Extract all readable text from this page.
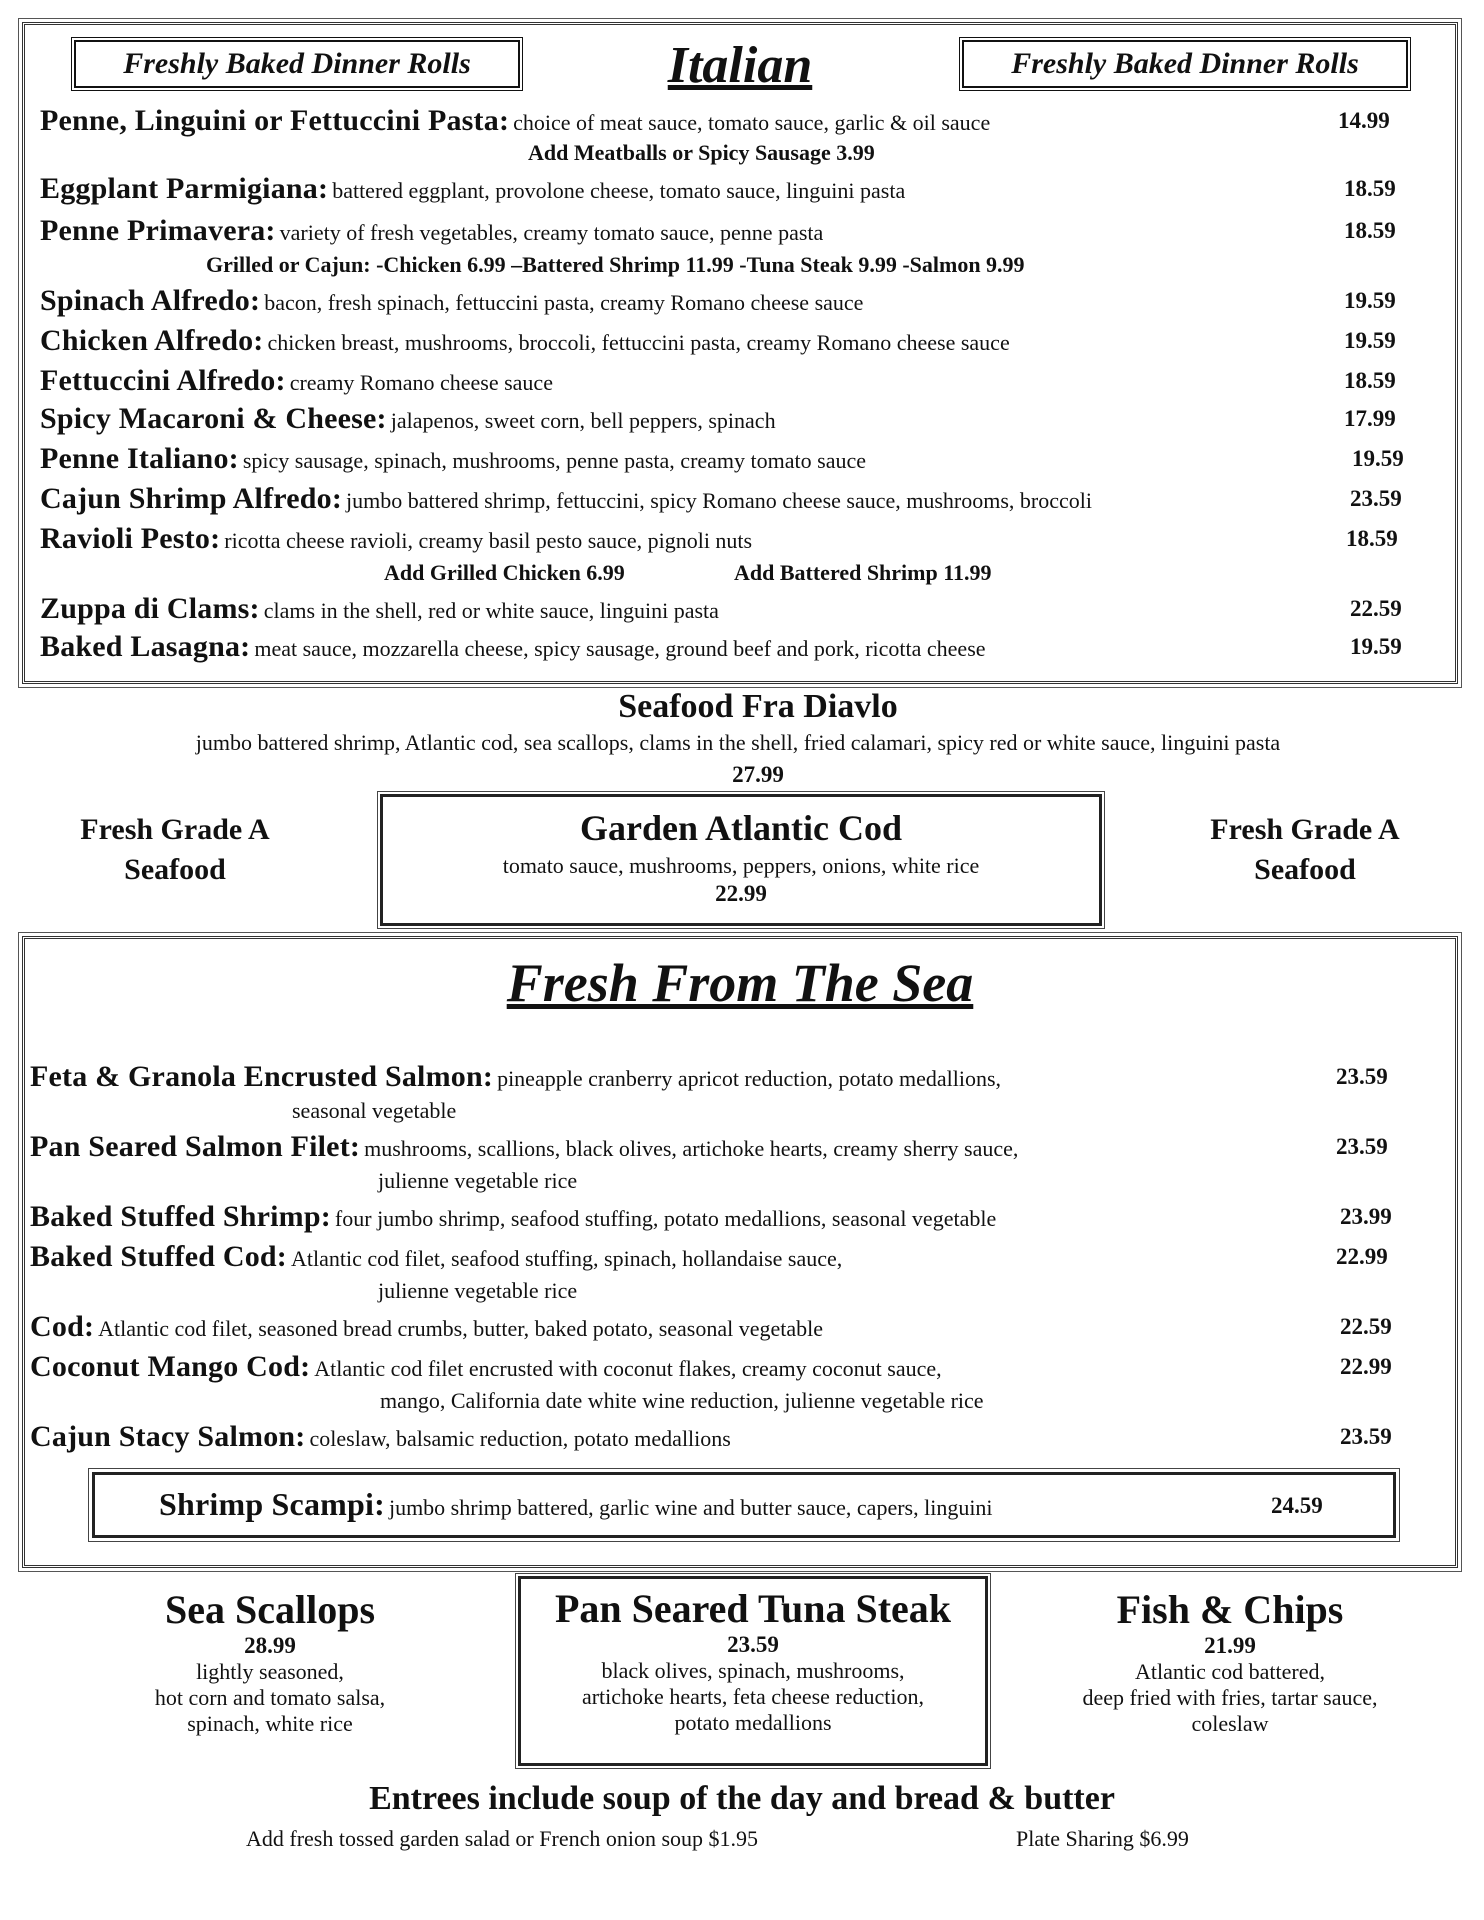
Freshly Baked Dinner Rolls	Italian	Freshly Baked Dinner Rolls
Penne, Linguini or Fettuccini Pasta: choice of meat sauce, tomato sauce, garlic & oil sauce	14.99
Add Meatballs or Spicy Sausage 3.99
Eggplant Parmigiana: battered eggplant, provolone cheese, tomato sauce, linguini pasta	18.59
Penne Primavera: variety of fresh vegetables, creamy tomato sauce, penne pasta	18.59
Grilled or Cajun: -Chicken 6.99 –Battered Shrimp 11.99 -Tuna Steak 9.99 -Salmon 9.99
Spinach Alfredo: bacon, fresh spinach, fettuccini pasta, creamy Romano cheese sauce	19.59
Chicken Alfredo: chicken breast, mushrooms, broccoli, fettuccini pasta, creamy Romano cheese sauce	19.59
Fettuccini Alfredo: creamy Romano cheese sauce	18.59
Spicy Macaroni & Cheese: jalapenos, sweet corn, bell peppers, spinach	17.99
Penne Italiano: spicy sausage, spinach, mushrooms, penne pasta, creamy tomato sauce	19.59
Cajun Shrimp Alfredo: jumbo battered shrimp, fettuccini, spicy Romano cheese sauce, mushrooms, broccoli	23.59
Ravioli Pesto: ricotta cheese ravioli, creamy basil pesto sauce, pignoli nuts	18.59
Add Grilled Chicken 6.99	Add Battered Shrimp 11.99
Zuppa di Clams: clams in the shell, red or white sauce, linguini pasta	22.59
Baked Lasagna: meat sauce, mozzarella cheese, spicy sausage, ground beef and pork, ricotta cheese	19.59
Seafood Fra Diavlo
jumbo battered shrimp, Atlantic cod, sea scallops, clams in the shell, fried calamari, spicy red or white sauce, linguini pasta
27.99
Fresh Grade A
Seafood
Garden Atlantic Cod
tomato sauce, mushrooms, peppers, onions, white rice
22.99
Fresh Grade A
Seafood
Fresh From The Sea
Feta & Granola Encrusted Salmon: pineapple cranberry apricot reduction, potato medallions,
seasonal vegetable
23.59
Pan Seared Salmon Filet: mushrooms, scallions, black olives, artichoke hearts, creamy sherry sauce,
julienne vegetable rice
23.59
Baked Stuffed Shrimp: four jumbo shrimp, seafood stuffing, potato medallions, seasonal vegetable	23.99
Baked Stuffed Cod: Atlantic cod filet, seafood stuffing, spinach, hollandaise sauce,
julienne vegetable rice
22.99
Cod: Atlantic cod filet, seasoned bread crumbs, butter, baked potato, seasonal vegetable	22.59
Coconut Mango Cod: Atlantic cod filet encrusted with coconut flakes, creamy coconut sauce,
mango, California date white wine reduction, julienne vegetable rice
22.99
Cajun Stacy Salmon: coleslaw, balsamic reduction, potato medallions	23.59
Shrimp Scampi: jumbo shrimp battered, garlic wine and butter sauce, capers, linguini	24.59
Sea Scallops
28.99
lightly seasoned,
hot corn and tomato salsa,
spinach, white rice
Pan Seared Tuna Steak
23.59
black olives, spinach, mushrooms,
artichoke hearts, feta cheese reduction,
potato medallions
Fish & Chips
21.99
Atlantic cod battered,
deep fried with fries, tartar sauce,
coleslaw
Entrees include soup of the day and bread & butter
Add fresh tossed garden salad or French onion soup $1.95	Plate Sharing $6.99
